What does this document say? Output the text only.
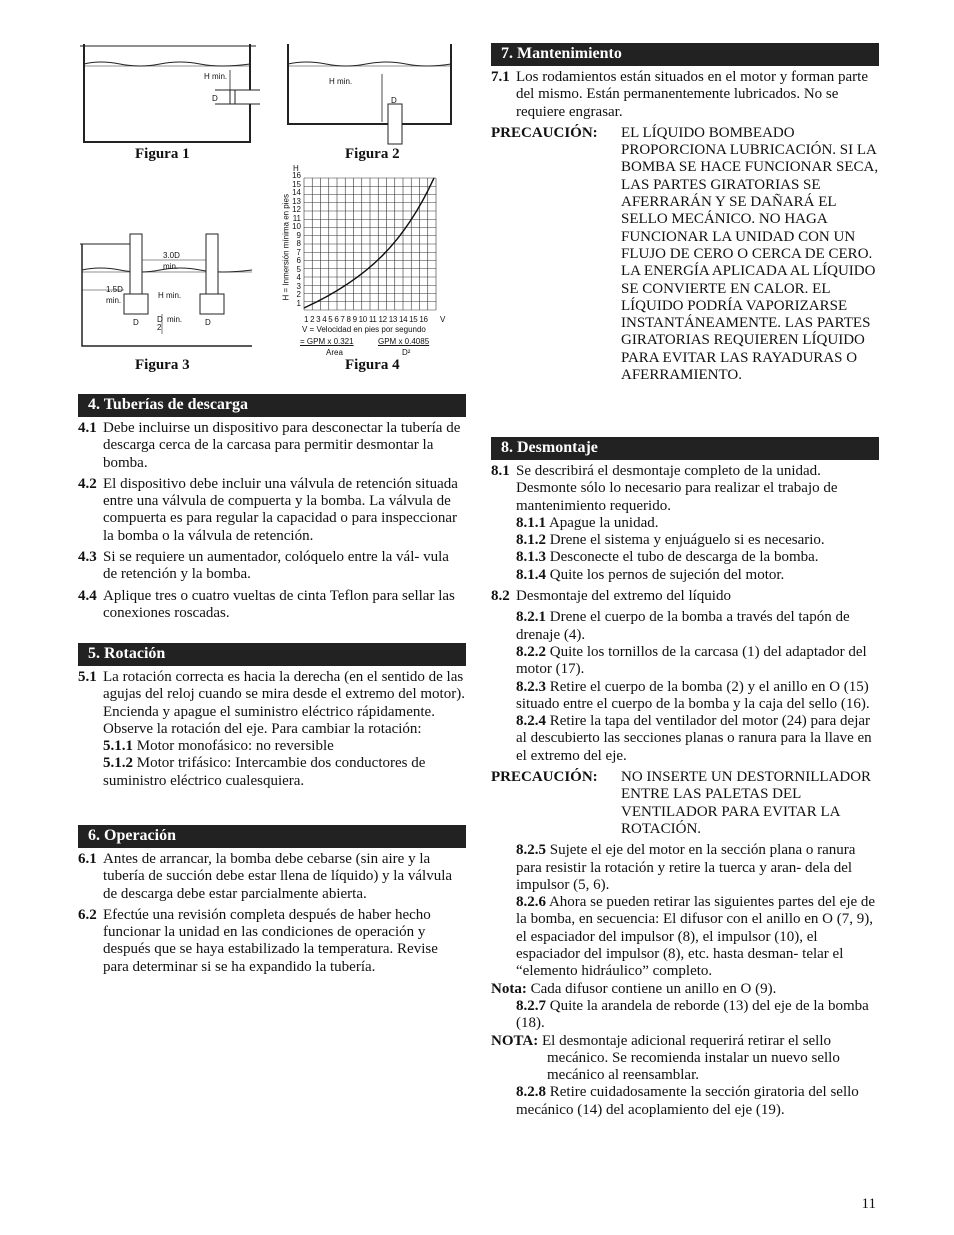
H min.
D
H min.
D
Figura 1	Figura 2
3.0D
min.
1.5D
min.
H min.
D D
2
min.	D
H
H = Inmersión mínima en pies
16
15
14
13
12
11
10
9
8
7
6
5
4
3
2
1
1 2 3 4 5 6 7 8 9 10 11 12 13 14 15 16 V
V = Velocidad en pies por segundo
= GPM x 0.321
Area
GPM x 0.4085
D²
Figura 3	Figura 4
4. Tuberías de descarga
4.1 Debe incluirse un dispositivo para desconectar la tubería de descarga cerca de la carcasa para permitir desmontar la bomba.
4.2 El dispositivo debe incluir una válvula de retención situada entre una válvula de compuerta y la bomba. La válvula de compuerta es para regular la capacidad o para inspeccionar la bomba o la válvula de retención.
4.3 Si se requiere un aumentador, colóquelo entre la vál- vula de retención y la bomba.
4.4 Aplique tres o cuatro vueltas de cinta Teflon para sellar las conexiones roscadas.
5. Rotación
5.1 La rotación correcta es hacia la derecha (en el sentido de las agujas del reloj cuando se mira desde el extremo del motor). Encienda y apague el suministro eléctrico rápidamente. Observe la rotación del eje. Para cambiar la rotación:
5.1.1 Motor monofásico: no reversible
5.1.2 Motor trifásico: Intercambie dos conductores de suministro eléctrico cualesquiera.
6. Operación
6.1 Antes de arrancar, la bomba debe cebarse (sin aire y la tubería de succión debe estar llena de líquido) y la válvula de descarga debe estar parcialmente abierta.
6.2 Efectúe una revisión completa después de haber hecho funcionar la unidad en las condiciones de operación y después que se haya estabilizado la temperatura. Revise para determinar si se ha expandido la tubería.
7. Mantenimiento
7.1 Los rodamientos están situados en el motor y forman parte del mismo. Están permanentemente lubricados. No se requiere engrasar.
PRECAUCIÓN:	EL LÍQUIDO BOMBEADO PROPORCIONA LUBRICACIÓN. SI LA BOMBA SE HACE FUNCIONAR SECA, LAS PARTES GIRATORIAS SE AFERRARÁN Y SE DAÑARÁ EL SELLO MECÁNICO. NO HAGA FUNCIONAR LA UNIDAD CON UN FLUJO DE CERO O CERCA DE CERO. LA ENERGÍA APLICADA AL LÍQUIDO SE CONVIERTE EN CALOR. EL LÍQUIDO PODRÍA VAPORIZARSE INSTANTÁNEAMENTE. LAS PARTES GIRATORIAS REQUIEREN LÍQUIDO PARA EVITAR LAS RAYADURAS O AFERRAMIENTO.
8. Desmontaje
8.1 Se describirá el desmontaje completo de la unidad. Desmonte sólo lo necesario para realizar el trabajo de mantenimiento requerido.
8.1.1 Apague la unidad.
8.1.2 Drene el sistema y enjuáguelo si es necesario.
8.1.3 Desconecte el tubo de descarga de la bomba.
8.1.4 Quite los pernos de sujeción del motor.
8.2 Desmontaje del extremo del líquido
8.2.1 Drene el cuerpo de la bomba a través del tapón de drenaje (4).
8.2.2 Quite los tornillos de la carcasa (1) del adaptador del motor (17).
8.2.3 Retire el cuerpo de la bomba (2) y el anillo en O (15) situado entre el cuerpo de la bomba y la caja del sello (16).
8.2.4 Retire la tapa del ventilador del motor (24) para dejar al descubierto las secciones planas o ranura para la llave en el extremo del eje.
PRECAUCIÓN:	NO INSERTE UN DESTORNILLADOR ENTRE LAS PALETAS DEL VENTILADOR PARA EVITAR LA ROTACIÓN.
8.2.5 Sujete el eje del motor en la sección plana o ranura para resistir la rotación y retire la tuerca y aran- dela del impulsor (5, 6).
8.2.6 Ahora se pueden retirar las siguientes partes del eje de la bomba, en secuencia: El difusor con el anillo en O (7, 9), el espaciador del impulsor (8), el impulsor (10), el espaciador del impulsor (8), etc. hasta desman- telar el “elemento hidráulico” completo.
Nota: Cada difusor contiene un anillo en O (9).
8.2.7 Quite la arandela de reborde (13) del eje de la bomba (18).
NOTA: El desmontaje adicional requerirá retirar el sello mecánico. Se recomienda instalar un nuevo sello mecánico al reensamblar.
8.2.8 Retire cuidadosamente la sección giratoria del sello mecánico (14) del acoplamiento del eje (19).
11
